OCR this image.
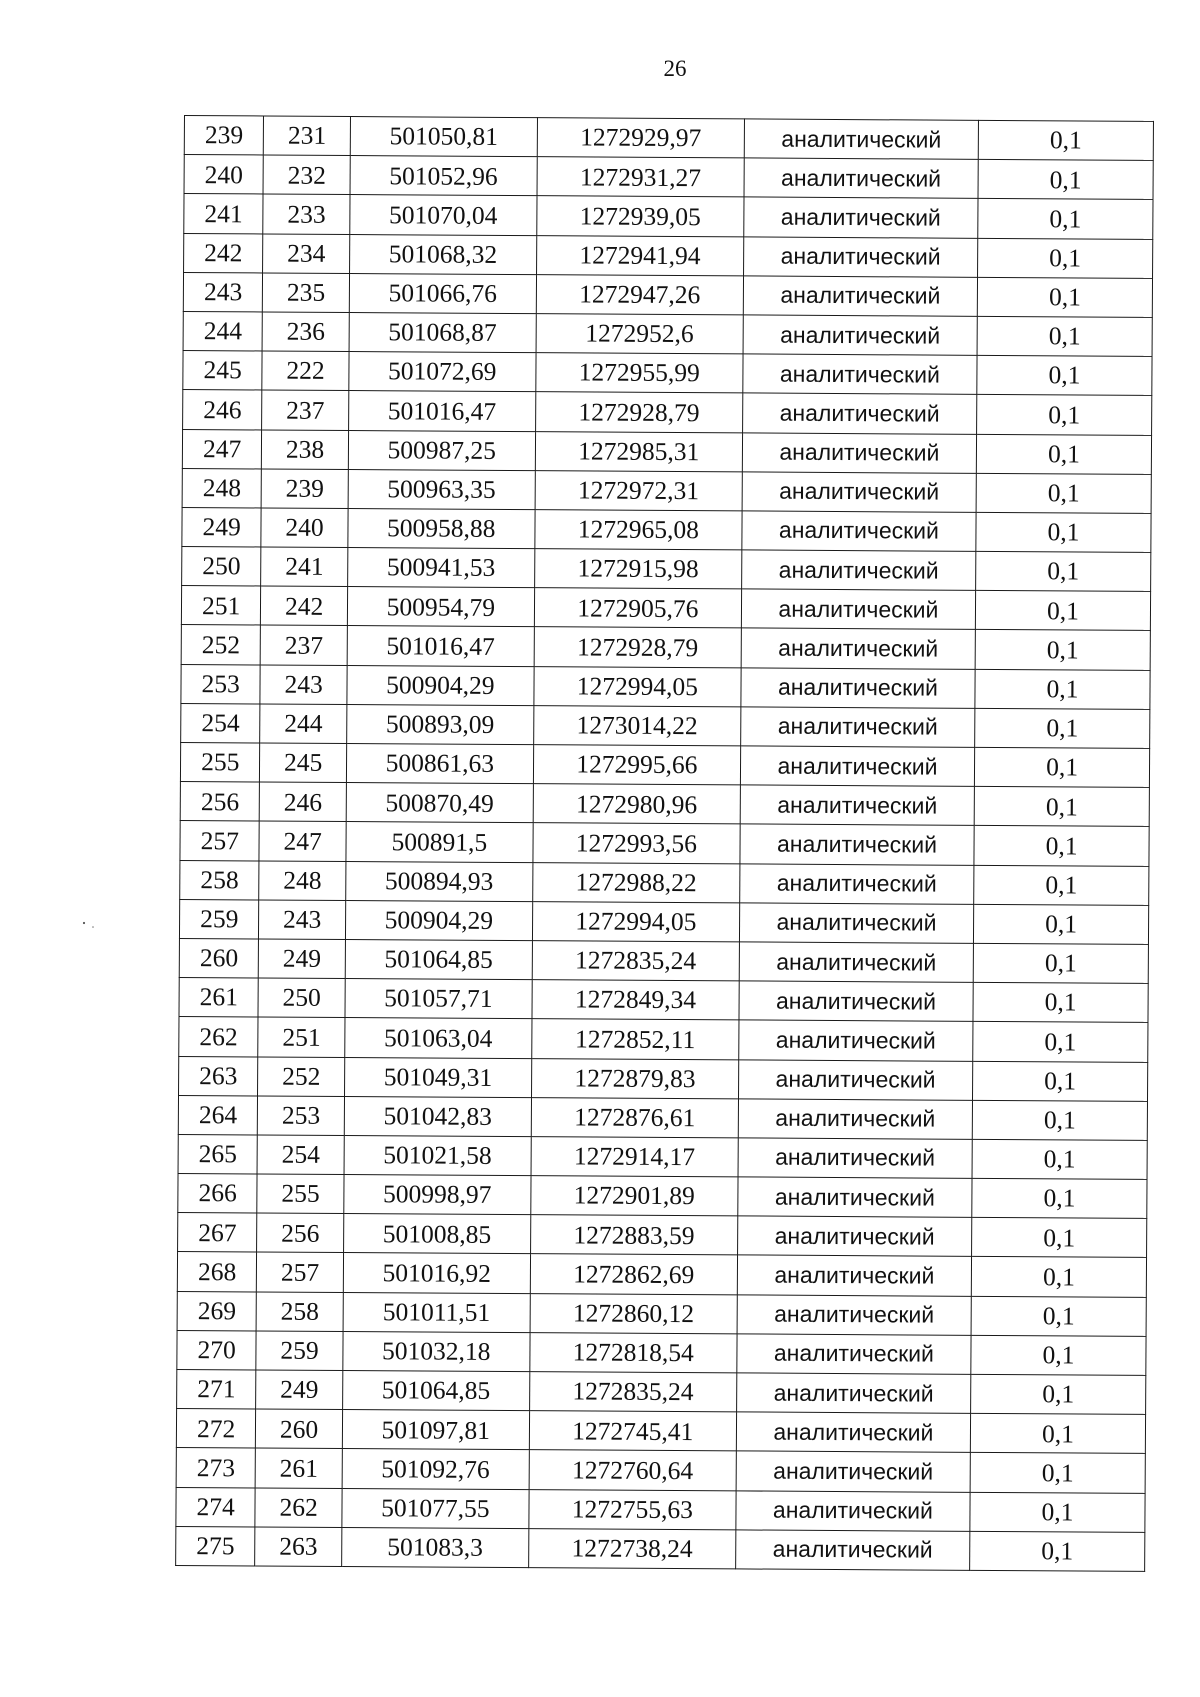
26
239	231	501050,81	1272929,97	аналитический	0,1
240	232	501052,96	1272931,27	аналитический	0,1
241	233	501070,04	1272939,05	аналитический	0,1
242	234	501068,32	1272941,94	аналитический	0,1
243	235	501066,76	1272947,26	аналитический	0,1
244	236	501068,87	1272952,6	аналитический	0,1
245	222	501072,69	1272955,99	аналитический	0,1
246	237	501016,47	1272928,79	аналитический	0,1
247	238	500987,25	1272985,31	аналитический	0,1
248	239	500963,35	1272972,31	аналитический	0,1
249	240	500958,88	1272965,08	аналитический	0,1
250	241	500941,53	1272915,98	аналитический	0,1
251	242	500954,79	1272905,76	аналитический	0,1
252	237	501016,47	1272928,79	аналитический	0,1
253	243	500904,29	1272994,05	аналитический	0,1
254	244	500893,09	1273014,22	аналитический	0,1
255	245	500861,63	1272995,66	аналитический	0,1
256	246	500870,49	1272980,96	аналитический	0,1
257	247	500891,5	1272993,56	аналитический	0,1
258	248	500894,93	1272988,22	аналитический	0,1
259	243	500904,29	1272994,05	аналитический	0,1
260	249	501064,85	1272835,24	аналитический	0,1
261	250	501057,71	1272849,34	аналитический	0,1
262	251	501063,04	1272852,11	аналитический	0,1
263	252	501049,31	1272879,83	аналитический	0,1
264	253	501042,83	1272876,61	аналитический	0,1
265	254	501021,58	1272914,17	аналитический	0,1
266	255	500998,97	1272901,89	аналитический	0,1
267	256	501008,85	1272883,59	аналитический	0,1
268	257	501016,92	1272862,69	аналитический	0,1
269	258	501011,51	1272860,12	аналитический	0,1
270	259	501032,18	1272818,54	аналитический	0,1
271	249	501064,85	1272835,24	аналитический	0,1
272	260	501097,81	1272745,41	аналитический	0,1
273	261	501092,76	1272760,64	аналитический	0,1
274	262	501077,55	1272755,63	аналитический	0,1
275	263	501083,3	1272738,24	аналитический	0,1
